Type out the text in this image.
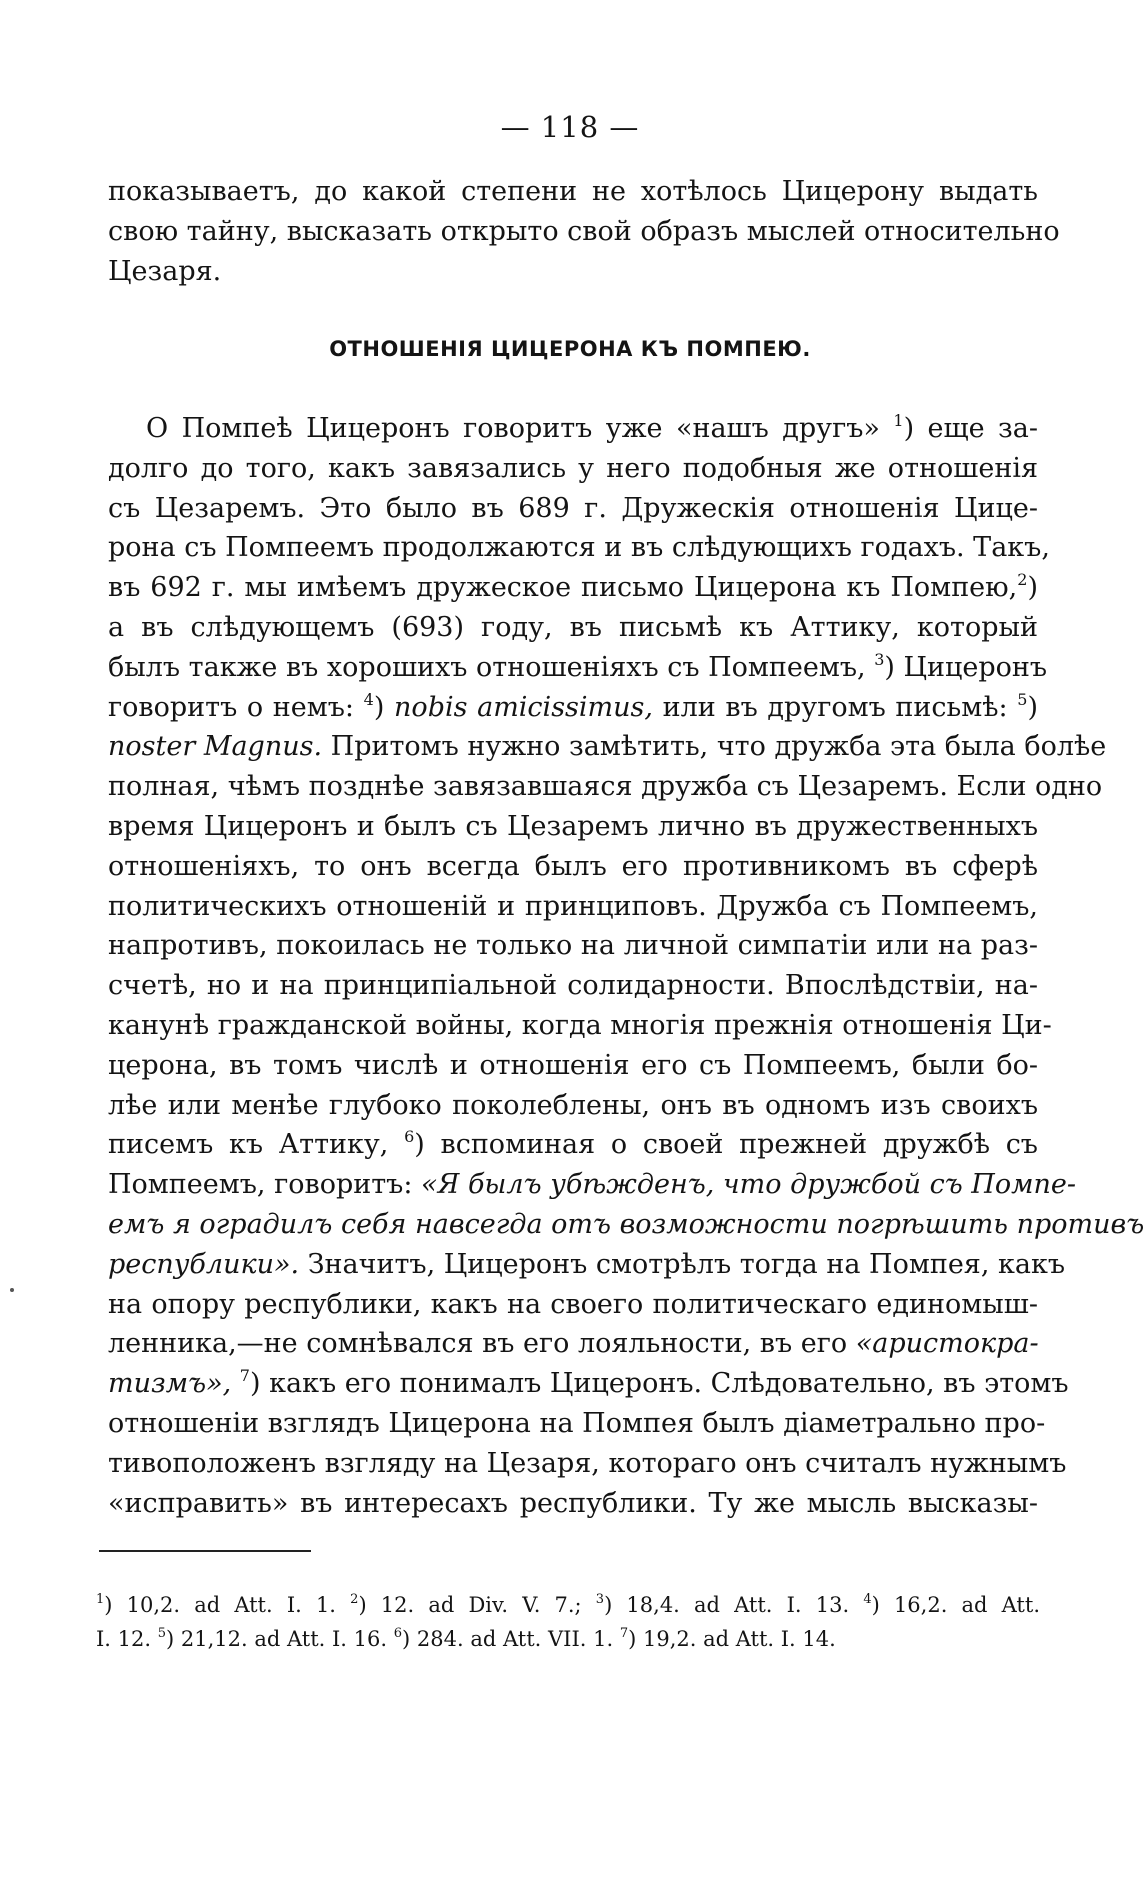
— 118 —
показываетъ, до какой степени не хотѣлось Цицерону выдать
свою тайну, высказать открыто свой образъ мыслей относительно
Цезаря.
ОТНОШЕНІЯ ЦИЦЕРОНА КЪ ПОМПЕЮ.
О Помпеѣ Цицеронъ говоритъ уже «нашъ другъ» $^1$) еще за-
долго до того, какъ завязались у него подобныя же отношенія
съ Цезаремъ. Это было въ 689 г. Дружескія отношенія Цице-
рона съ Помпеемъ продолжаются и въ слѣдующихъ годахъ. Такъ,
въ 692 г. мы имѣемъ дружеское письмо Цицерона къ Помпею,$^2$)
а въ слѣдующемъ (693) году, въ письмѣ къ Аттику, который
былъ также въ хорошихъ отношеніяхъ съ Помпеемъ, $^3$) Цицеронъ
говоритъ о немъ: $^4$) nobis amicissimus, или въ другомъ письмѣ: $^5$)
noster Magnus. Притомъ нужно замѣтить, что дружба эта была болѣе
полная, чѣмъ позднѣе завязавшаяся дружба съ Цезаремъ. Если одно
время Цицеронъ и былъ съ Цезаремъ лично въ дружественныхъ
отношеніяхъ, то онъ всегда былъ его противникомъ въ сферѣ
политическихъ отношеній и принциповъ. Дружба съ Помпеемъ,
напротивъ, покоилась не только на личной симпатіи или на раз-
счетѣ, но и на принципіальной солидарности. Впослѣдствіи, на-
канунѣ гражданской войны, когда многія прежнія отношенія Ци-
церона, въ томъ числѣ и отношенія его съ Помпеемъ, были бо-
лѣе или менѣе глубоко поколеблены, онъ въ одномъ изъ своихъ
писемъ къ Аттику, $^6$) вспоминая о своей прежней дружбѣ съ
Помпеемъ, говоритъ: «Я былъ убѣжденъ, что дружбой съ Помпе-
емъ я оградилъ себя навсегда отъ возможности погрѣшить противъ
республики». Значитъ, Цицеронъ смотрѣлъ тогда на Помпея, какъ
на опору республики, какъ на своего политическаго единомыш-
ленника,—не сомнѣвался въ его лояльности, въ его «аристокра-
тизмъ», $^7$) какъ его понималъ Цицеронъ. Слѣдовательно, въ этомъ
отношеніи взглядъ Цицерона на Помпея былъ діаметрально про-
тивоположенъ взгляду на Цезаря, котораго онъ считалъ нужнымъ
«исправить» въ интересахъ республики. Ту же мысль высказы-
$^1$) 10,2. ad Att. I. 1. $^2$) 12. ad Div. V. 7.; $^3$) 18,4. ad Att. I. 13. $^4$) 16,2. ad Att.
I. 12. $^5$) 21,12. ad Att. I. 16. $^6$) 284. ad Att. VII. 1. $^7$) 19,2. ad Att. I. 14.
